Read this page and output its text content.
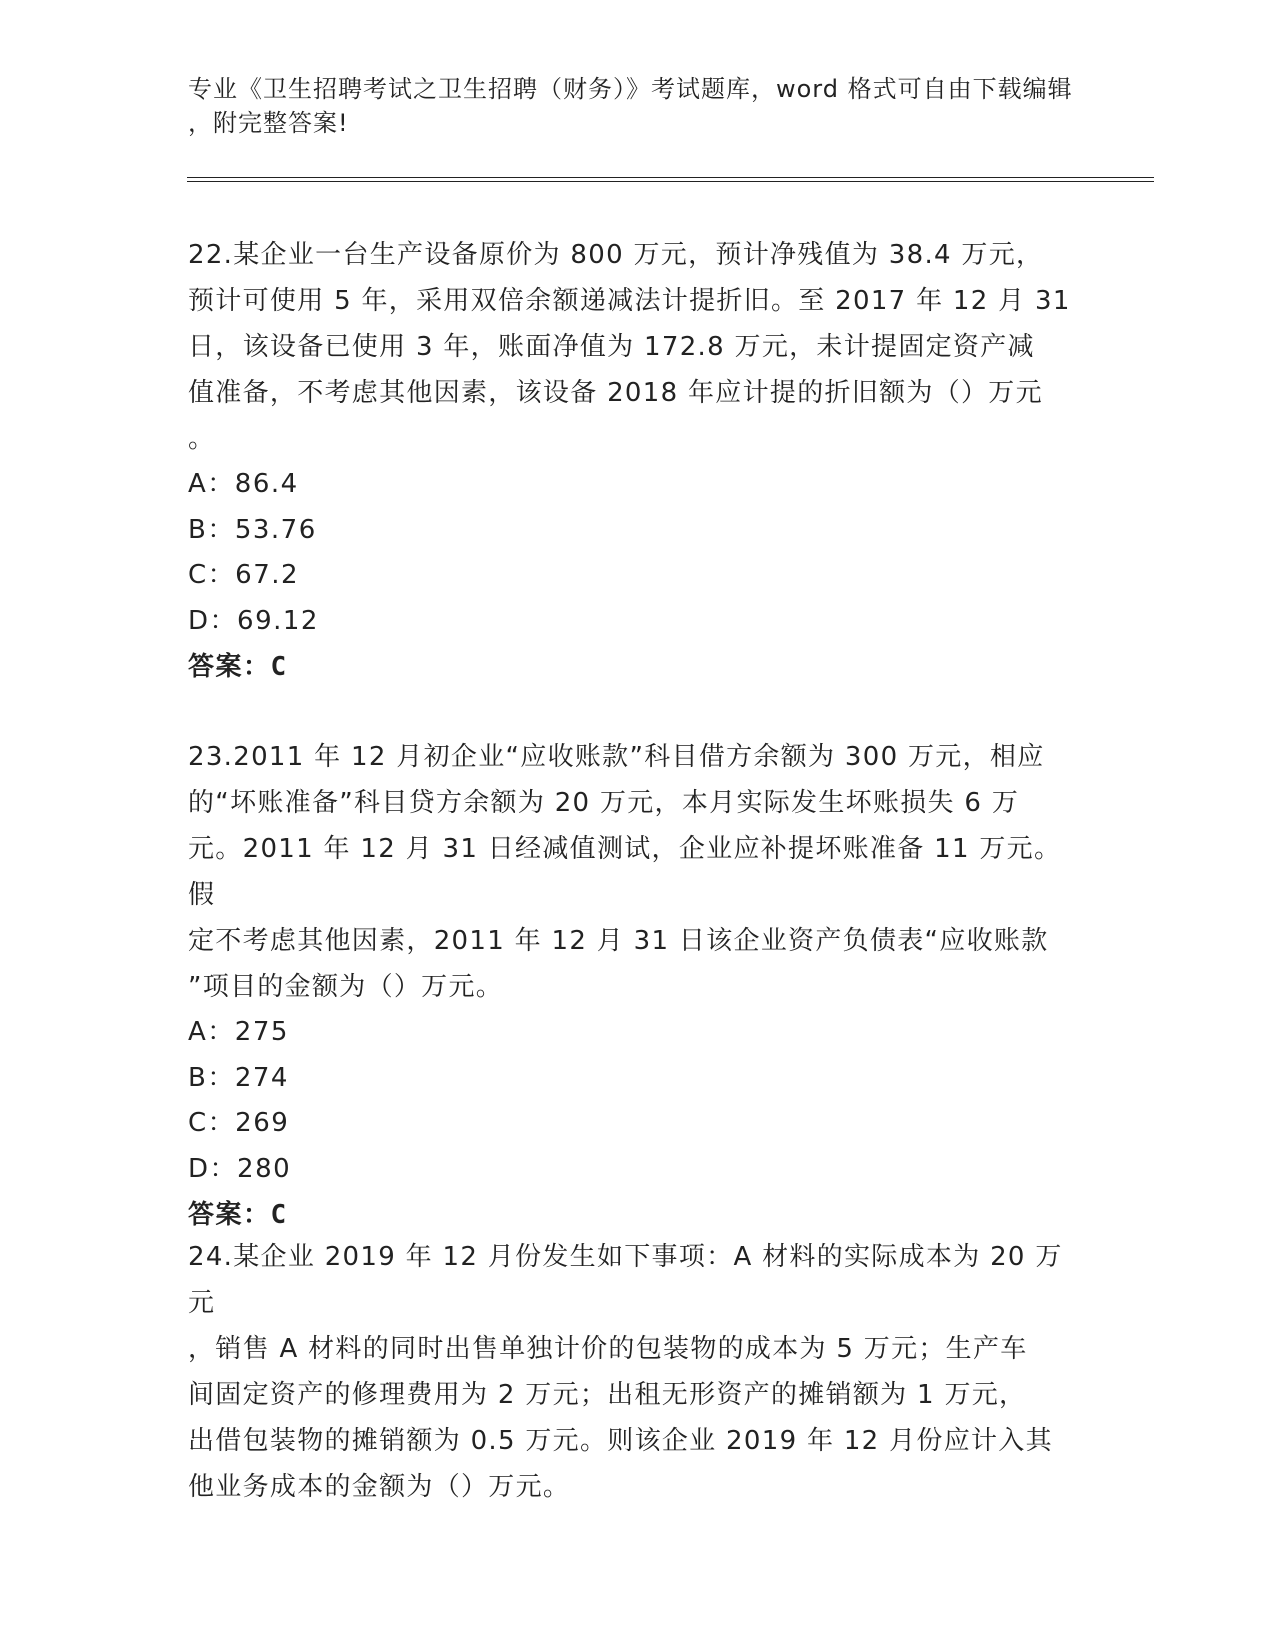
专业《卫生招聘考试之卫生招聘（财务）》考试题库，word 格式可自由下载编辑
，附完整答案!
22.某企业一台生产设备原价为 800 万元，预计净残值为 38.4 万元，
预计可使用 5 年，采用双倍余额递减法计提折旧。至 2017 年 12 月 31
日，该设备已使用 3 年，账面净值为 172.8 万元，未计提固定资产减
值准备，不考虑其他因素，该设备 2018 年应计提的折旧额为（）万元
。
A：86.4
B：53.76
C：67.2
D：69.12
答案：C
23.2011 年 12 月初企业“应收账款”科目借方余额为 300 万元，相应
的“坏账准备”科目贷方余额为 20 万元，本月实际发生坏账损失 6 万
元。2011 年 12 月 31 日经减值测试，企业应补提坏账准备 11 万元。假
定不考虑其他因素，2011 年 12 月 31 日该企业资产负债表“应收账款
”项目的金额为（）万元。
A：275
B：274
C：269
D：280
答案：C
24.某企业 2019 年 12 月份发生如下事项：A 材料的实际成本为 20 万元
，销售 A 材料的同时出售单独计价的包装物的成本为 5 万元；生产车
间固定资产的修理费用为 2 万元；出租无形资产的摊销额为 1 万元，
出借包装物的摊销额为 0.5 万元。则该企业 2019 年 12 月份应计入其
他业务成本的金额为（）万元。
